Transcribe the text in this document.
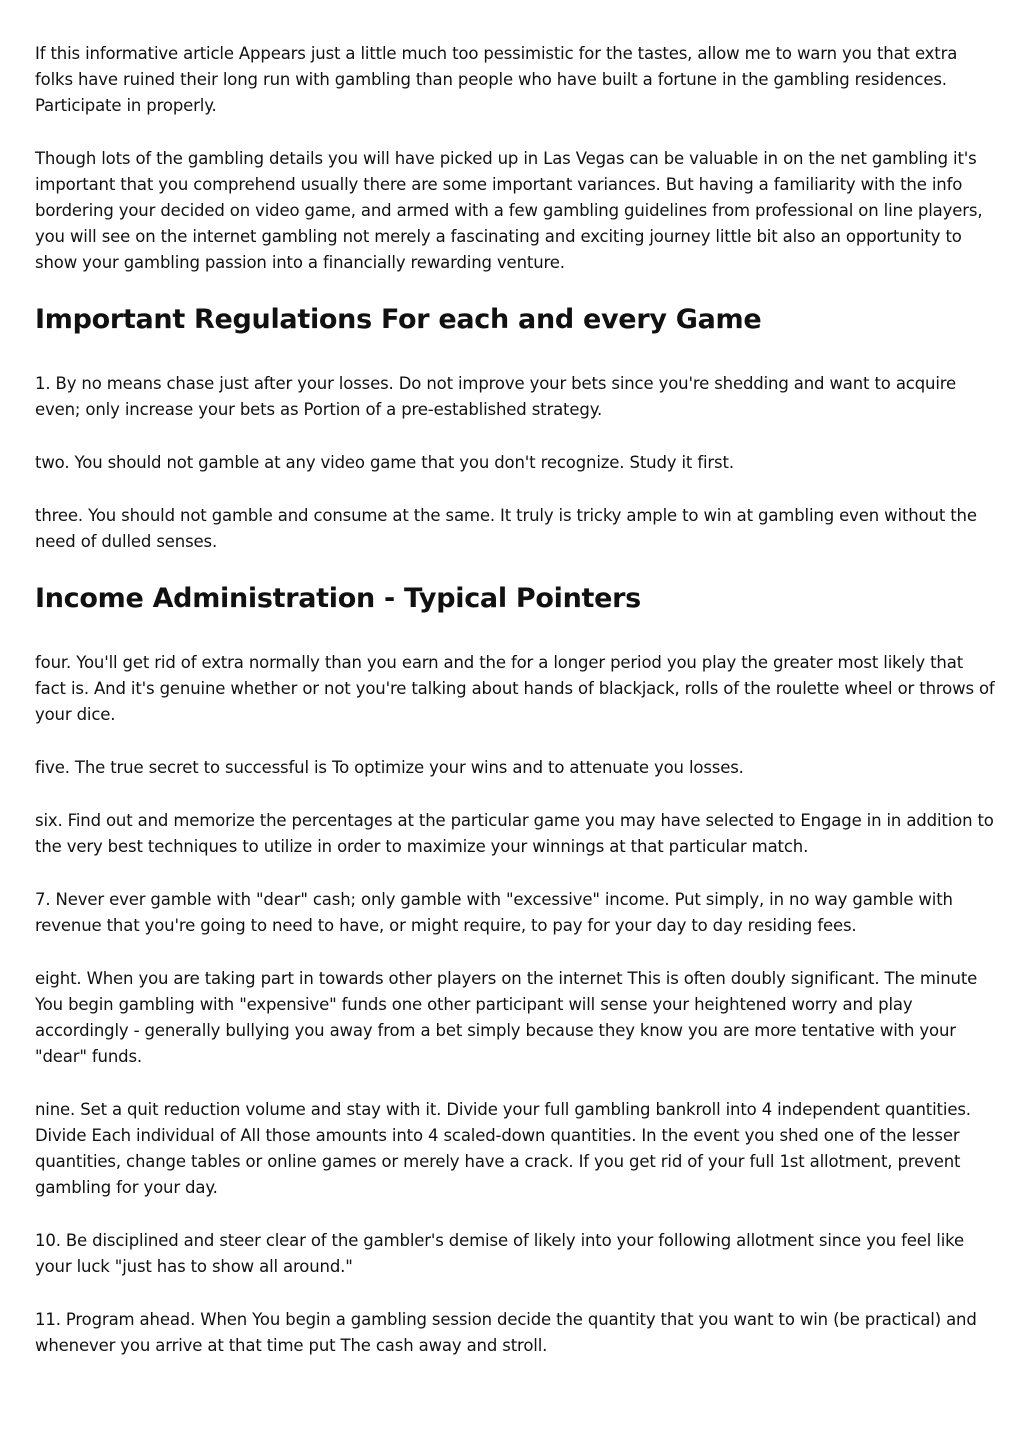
If this informative article Appears just a little much too pessimistic for the tastes, allow me to warn you that extra folks have ruined their long run with gambling than people who have built a fortune in the gambling residences. Participate in properly.

Though lots of the gambling details you will have picked up in Las Vegas can be valuable in on the net gambling it's important that you comprehend usually there are some important variances. But having a familiarity with the info bordering your decided on video game, and armed with a few gambling guidelines from professional on line players, you will see on the internet gambling not merely a fascinating and exciting journey little bit also an opportunity to show your gambling passion into a financially rewarding venture.

Important Regulations For each and every Game

1. By no means chase just after your losses. Do not improve your bets since you're shedding and want to acquire even; only increase your bets as Portion of a pre-established strategy.

two. You should not gamble at any video game that you don't recognize. Study it first.

three. You should not gamble and consume at the same. It truly is tricky ample to win at gambling even without the need of dulled senses.

Income Administration - Typical Pointers

four. You'll get rid of extra normally than you earn and the for a longer period you play the greater most likely that fact is. And it's genuine whether or not you're talking about hands of blackjack, rolls of the roulette wheel or throws of your dice.

five. The true secret to successful is To optimize your wins and to attenuate you losses.

six. Find out and memorize the percentages at the particular game you may have selected to Engage in in addition to the very best techniques to utilize in order to maximize your winnings at that particular match.

7. Never ever gamble with "dear" cash; only gamble with "excessive" income. Put simply, in no way gamble with revenue that you're going to need to have, or might require, to pay for your day to day residing fees.

eight. When you are taking part in towards other players on the internet This is often doubly significant. The minute You begin gambling with "expensive" funds one other participant will sense your heightened worry and play accordingly - generally bullying you away from a bet simply because they know you are more tentative with your "dear" funds.

nine. Set a quit reduction volume and stay with it. Divide your full gambling bankroll into 4 independent quantities. Divide Each individual of All those amounts into 4 scaled-down quantities. In the event you shed one of the lesser quantities, change tables or online games or merely have a crack. If you get rid of your full 1st allotment, prevent gambling for your day.

10. Be disciplined and steer clear of the gambler's demise of likely into your following allotment since you feel like your luck "just has to show all around."

11. Program ahead. When You begin a gambling session decide the quantity that you want to win (be practical) and whenever you arrive at that time put The cash away and stroll.
